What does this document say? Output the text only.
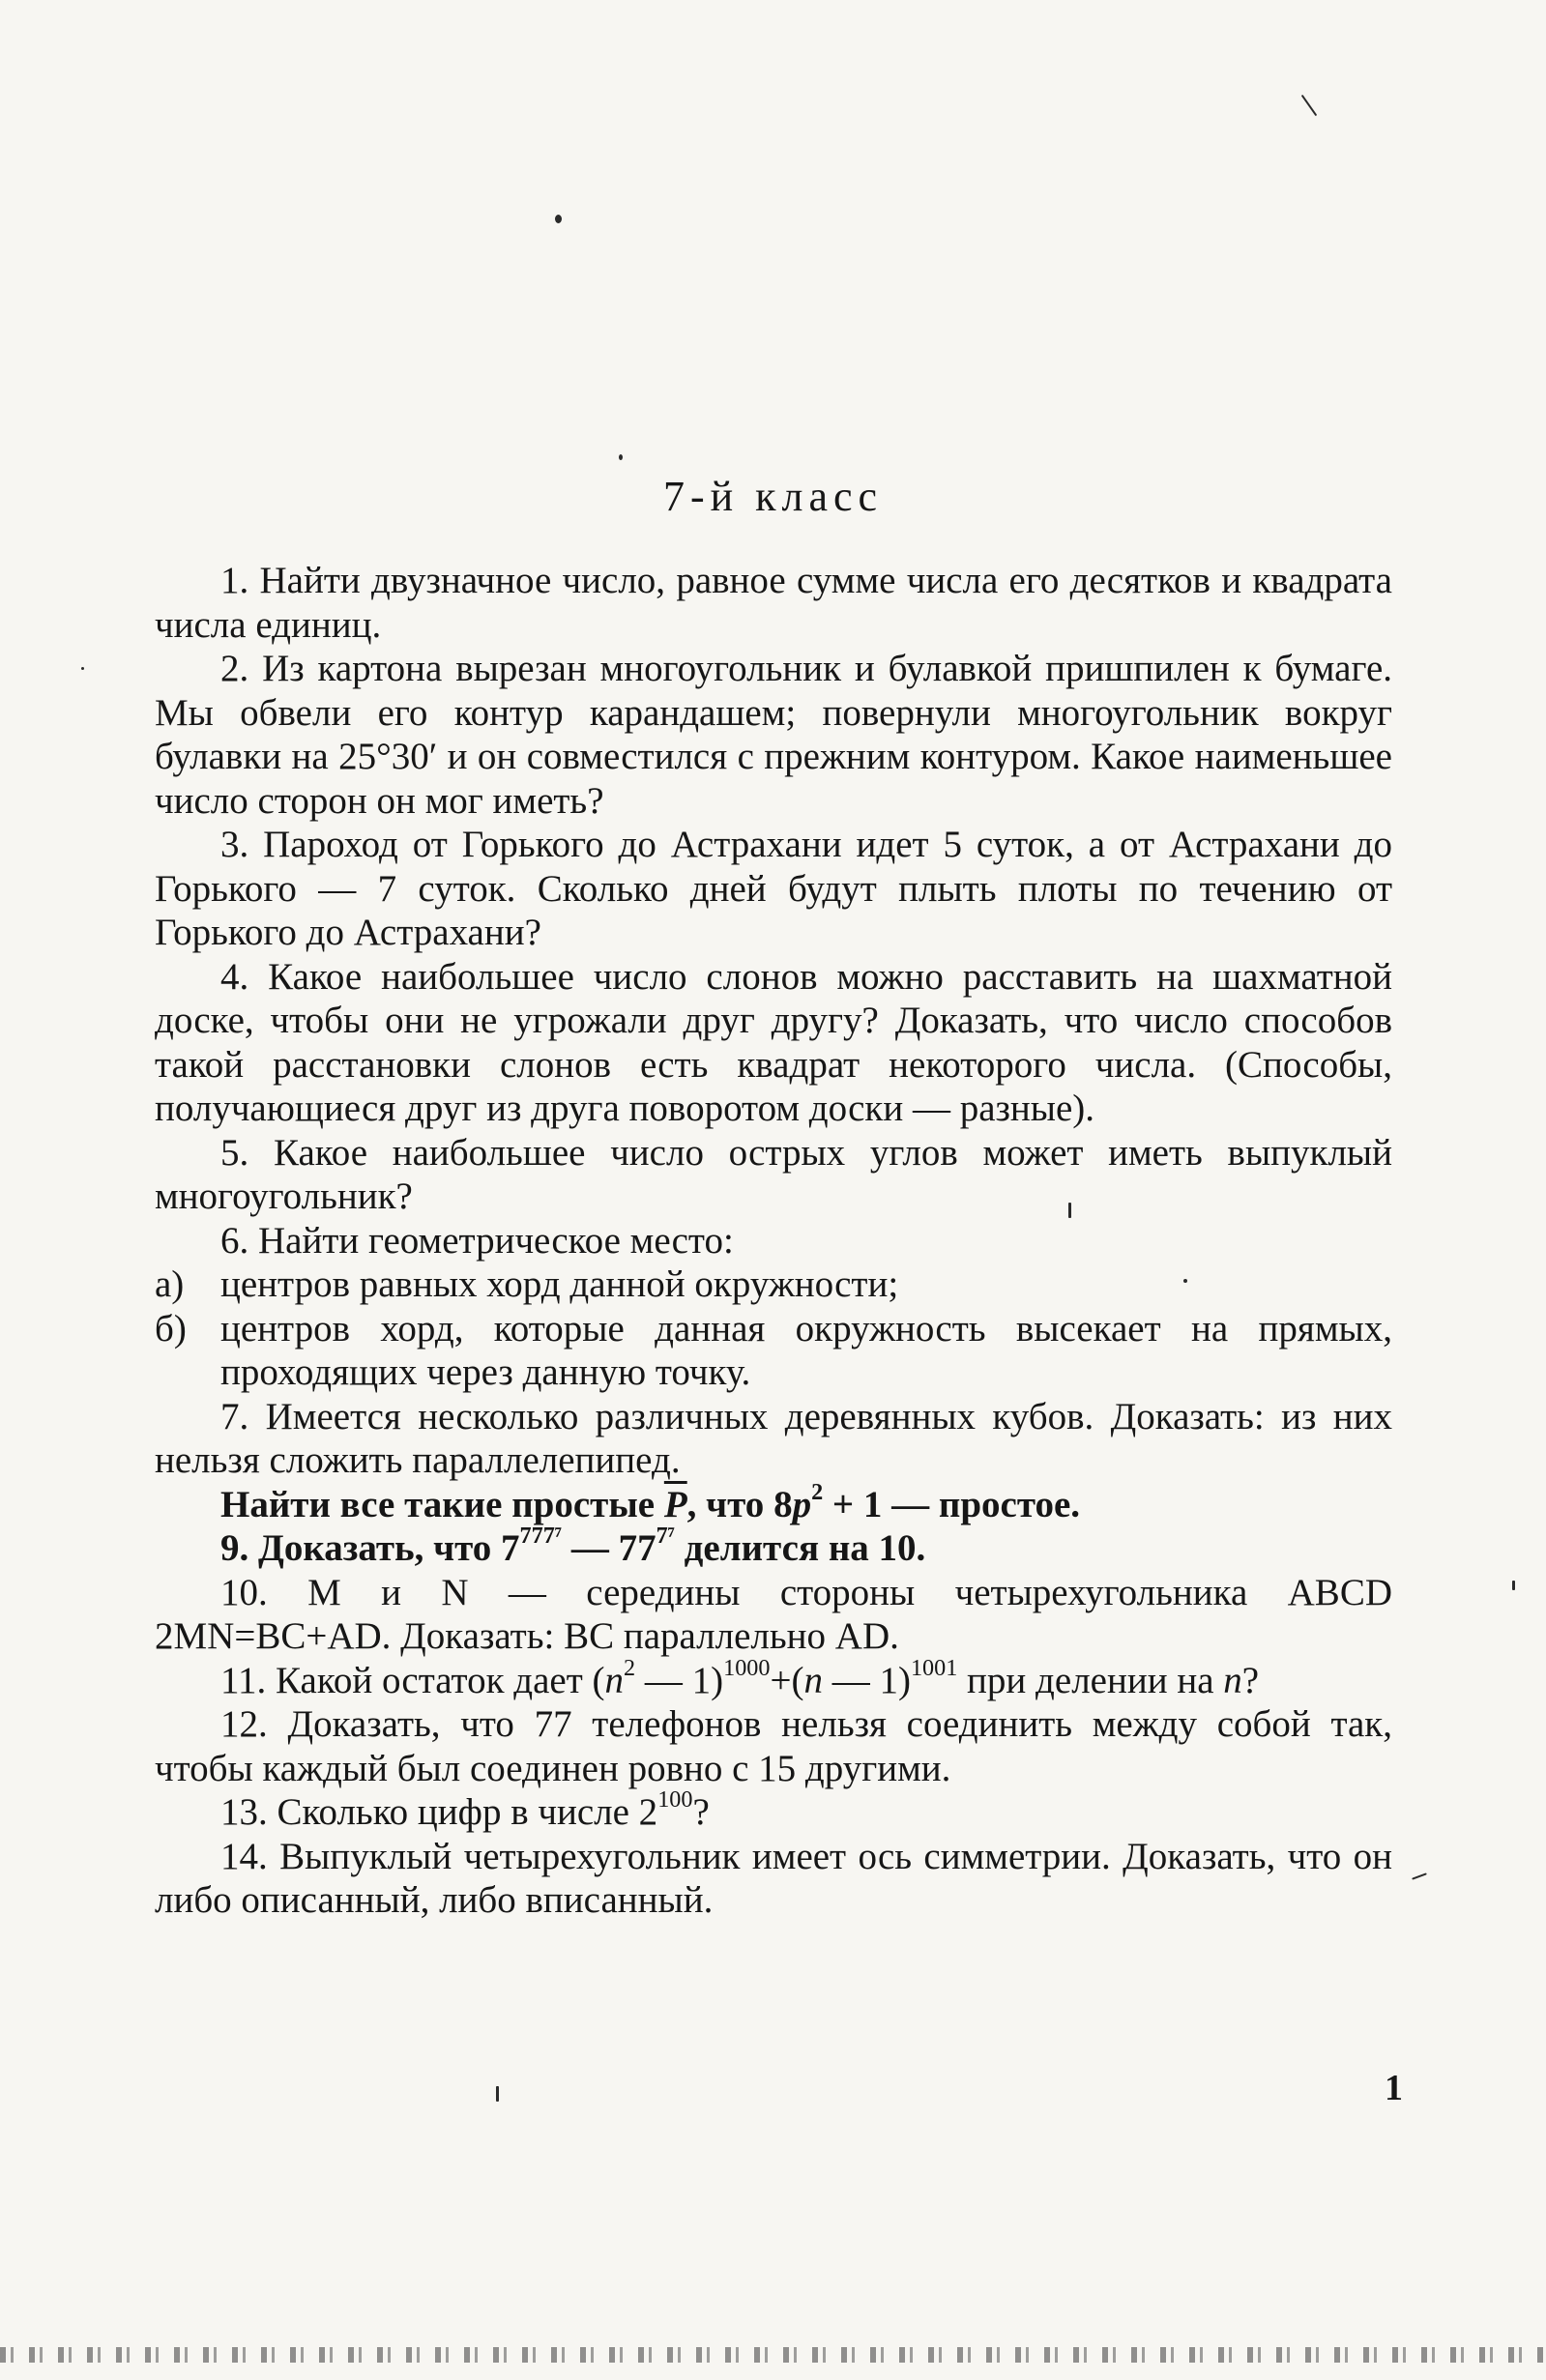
7-й класс

1. Найти двузначное число, равное сумме числа его десятков и квадрата числа единиц.

2. Из картона вырезан многоугольник и булавкой пришпилен к бумаге. Мы обвели его контур карандашем; повернули многоугольник вокруг булавки на 25°30′ и он совместился с прежним контуром. Какое наименьшее число сторон он мог иметь?

3. Пароход от Горького до Астрахани идет 5 суток, а от Астрахани до Горького — 7 суток. Сколько дней будут плыть плоты по течению от Горького до Астрахани?

4. Какое наибольшее число слонов можно расставить на шахматной доске, чтобы они не угрожали друг другу? Доказать, что число способов такой расстановки слонов есть квадрат некоторого числа. (Способы, получающиеся друг из друга поворотом доски — разные).

5. Какое наибольшее число острых углов может иметь выпуклый многоугольник?

6. Найти геометрическое место:

а) центров равных хорд данной окружности;

б) центров хорд, которые данная окружность высекает на прямых, проходящих через данную точку.

7. Имеется несколько различных деревянных кубов. Доказать: из них нельзя сложить параллелепипед.

Найти все такие простые $\overline{P}$, что $8p^2 + 1$ — простое.

9. Доказать, что $7^{777^7}$ — $77^{7^7}$ делится на 10.

10. M и N — середины стороны четырехугольника ABCD 2MN=BC+AD. Доказать: BC параллельно AD.

11. Какой остаток дает ($n^2$ — 1)$^{1000}$+(n — 1)$^{1001}$ при делении на n?

12. Доказать, что 77 телефонов нельзя соединить между собой так, чтобы каждый был соединен ровно с 15 другими.

13. Сколько цифр в числе $2^{100}$?

14. Выпуклый четырехугольник имеет ось симметрии. Доказать, что он либо описанный, либо вписанный.

1
